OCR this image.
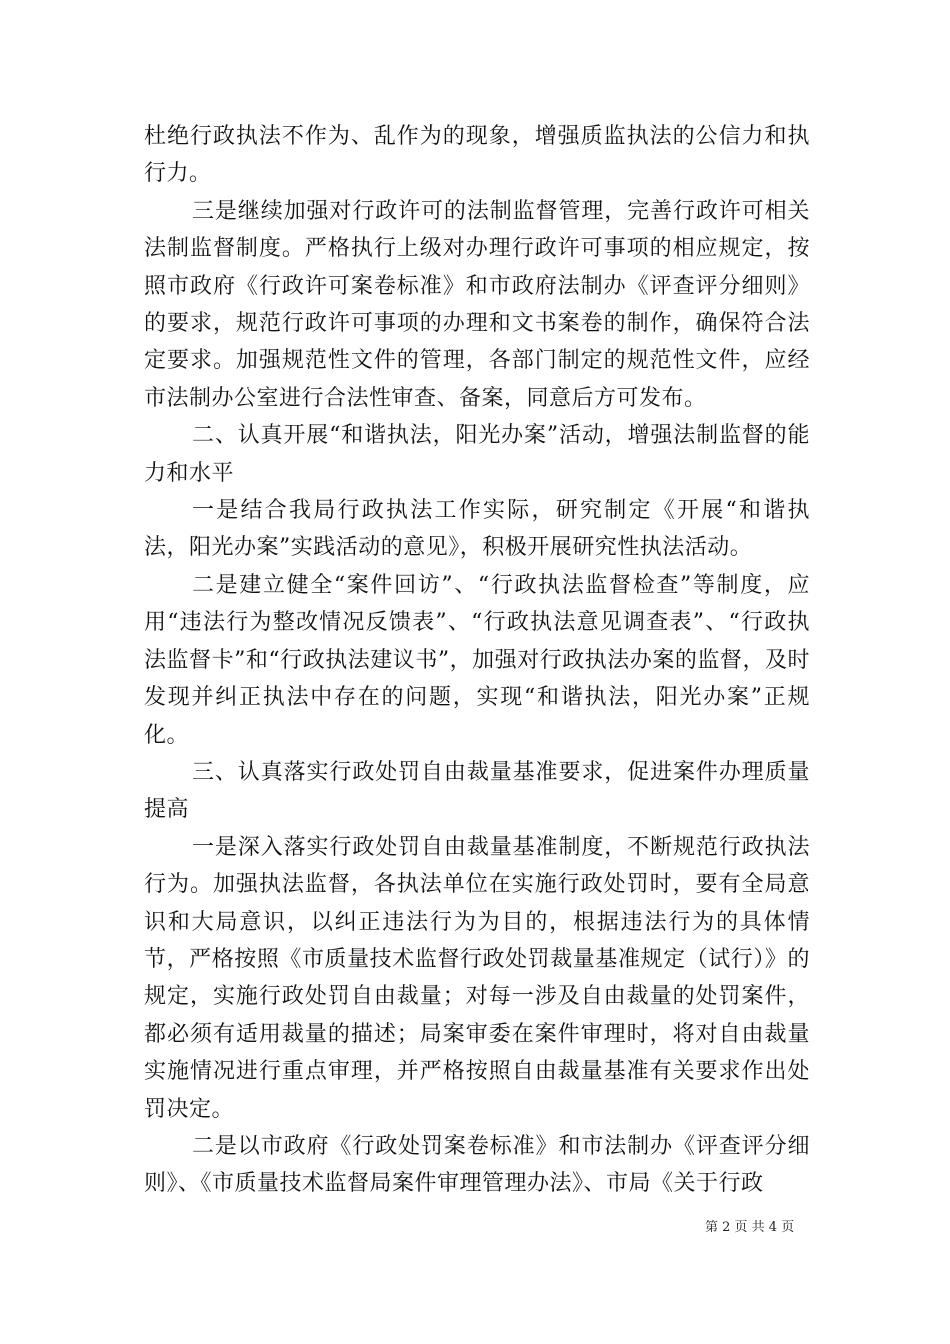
杜绝行政执法不作为、乱作为的现象，增强质监执法的公信力和执行力。

三是继续加强对行政许可的法制监督管理，完善行政许可相关法制监督制度。严格执行上级对办理行政许可事项的相应规定，按照市政府《行政许可案卷标准》和市政府法制办《评查评分细则》的要求，规范行政许可事项的办理和文书案卷的制作，确保符合法定要求。加强规范性文件的管理，各部门制定的规范性文件，应经市法制办公室进行合法性审查、备案，同意后方可发布。

二、认真开展“和谐执法，阳光办案”活动，增强法制监督的能力和水平

一是结合我局行政执法工作实际，研究制定《开展“和谐执法，阳光办案”实践活动的意见》，积极开展研究性执法活动。

二是建立健全“案件回访”、“行政执法监督检查”等制度，应用“违法行为整改情况反馈表”、“行政执法意见调查表”、“行政执法监督卡”和“行政执法建议书”，加强对行政执法办案的监督，及时发现并纠正执法中存在的问题，实现“和谐执法，阳光办案”正规化。

三、认真落实行政处罚自由裁量基准要求，促进案件办理质量提高

一是深入落实行政处罚自由裁量基准制度，不断规范行政执法行为。加强执法监督，各执法单位在实施行政处罚时，要有全局意识和大局意识，以纠正违法行为为目的，根据违法行为的具体情节，严格按照《市质量技术监督行政处罚裁量基准规定（试行）》的规定，实施行政处罚自由裁量；对每一涉及自由裁量的处罚案件，都必须有适用裁量的描述；局案审委在案件审理时，将对自由裁量实施情况进行重点审理，并严格按照自由裁量基准有关要求作出处罚决定。

二是以市政府《行政处罚案卷标准》和市法制办《评查评分细则》、《市质量技术监督局案件审理管理办法》、市局《关于行政

第 2 页 共 4 页
